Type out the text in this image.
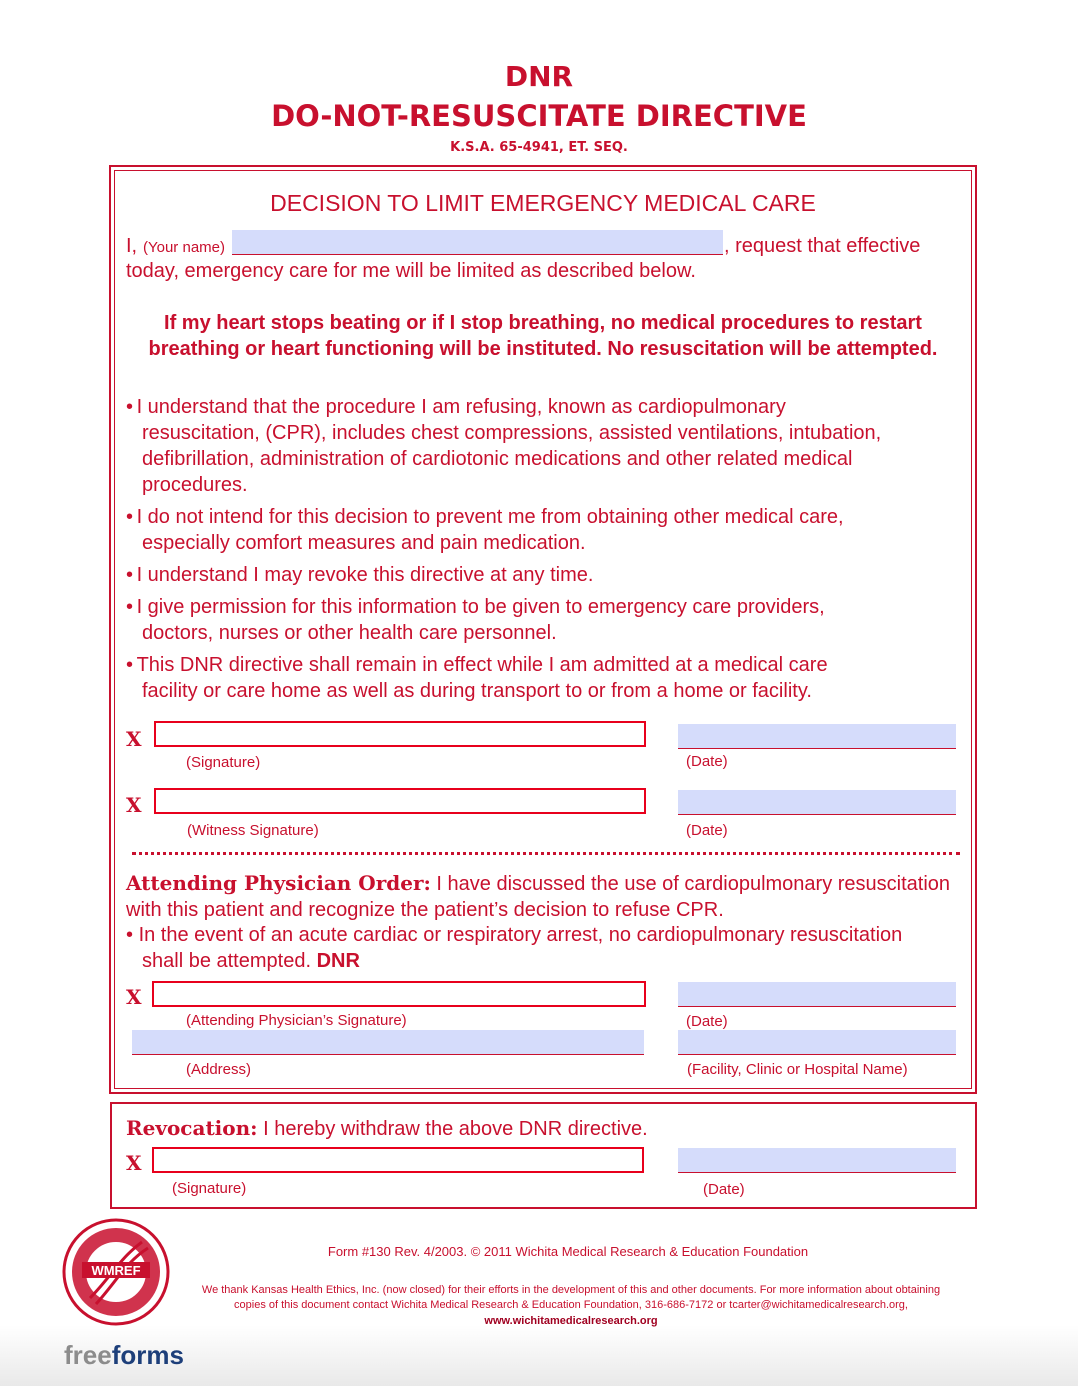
DNR
DO-NOT-RESUSCITATE DIRECTIVE
K.S.A. 65-4941, ET. SEQ.
DECISION TO LIMIT EMERGENCY MEDICAL CARE
I, (Your name)	, request that effective
today, emergency care for me will be limited as described below.
If my heart stops beating or if I stop breathing, no medical procedures to restart
breathing or heart functioning will be instituted. No resuscitation will be attempted.
• I understand that the procedure I am refusing, known as cardiopulmonary
resuscitation, (CPR), includes chest compressions, assisted ventilations, intubation,
defibrillation, administration of cardiotonic medications and other related medical
procedures.
• I do not intend for this decision to prevent me from obtaining other medical care,
especially comfort measures and pain medication.
• I understand I may revoke this directive at any time.
• I give permission for this information to be given to emergency care providers,
doctors, nurses or other health care personnel.
• This DNR directive shall remain in effect while I am admitted at a medical care
facility or care home as well as during transport to or from a home or facility.
X
(Signature)	(Date)
X
(Witness Signature)	(Date)
Attending Physician Order: I have discussed the use of cardiopulmonary resuscitation
with this patient and recognize the patient’s decision to refuse CPR.
• In the event of an acute cardiac or respiratory arrest, no cardiopulmonary resuscitation
shall be attempted. DNR
X
(Attending Physician’s Signature)	(Date)
(Address)	(Facility, Clinic or Hospital Name)
Revocation: I hereby withdraw the above DNR directive.
X
(Signature)	(Date)
WMREF
Form #130 Rev. 4/2003. © 2011 Wichita Medical Research & Education Foundation
We thank Kansas Health Ethics, Inc. (now closed) for their efforts in the development of this and other documents. For more information about obtaining
copies of this document contact Wichita Medical Research & Education Foundation, 316-686-7172 or tcarter@wichitamedicalresearch.org,
www.wichitamedicalresearch.org
freeforms
